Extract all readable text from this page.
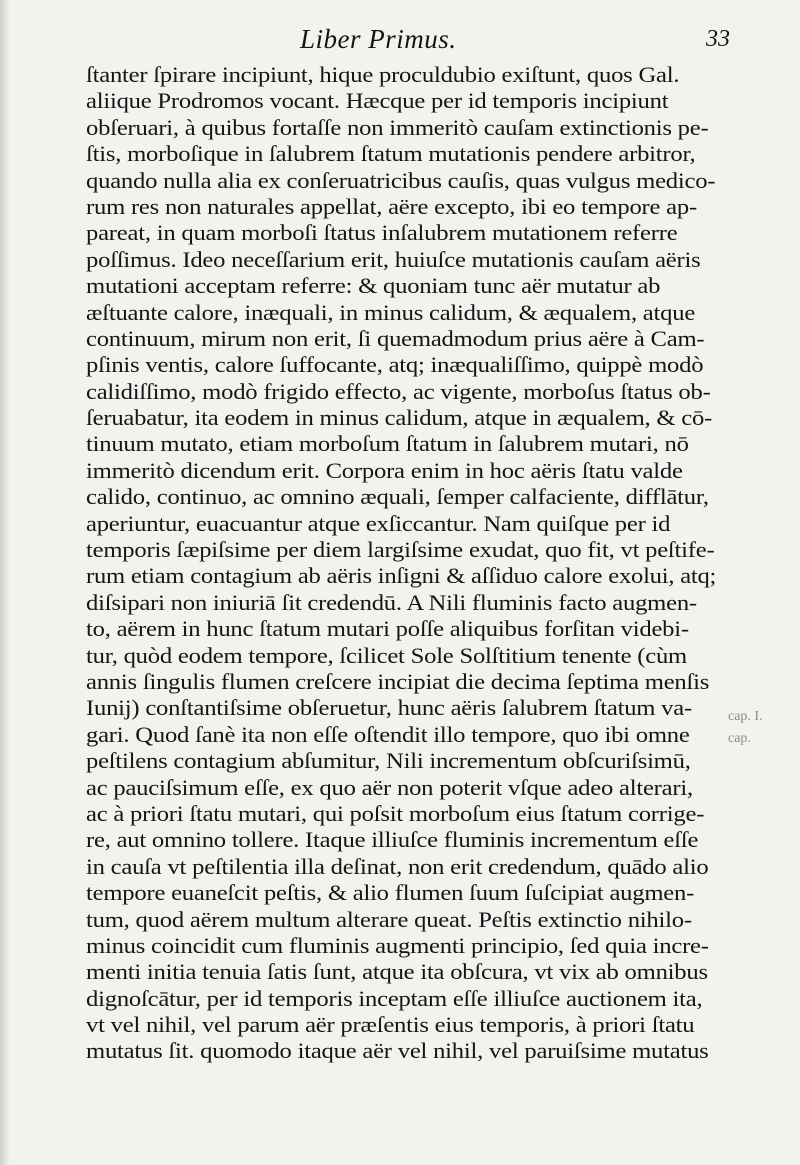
Liber Primus.	33
ſtanter ſpirare incipiunt, hique proculdubio exiſtunt, quos Gal.
aliique Prodromos vocant. Hæcque per id temporis incipiunt
obſeruari, à quibus fortaſſe non immeritò cauſam extinctionis pe-
ſtis, morboſique in ſalubrem ſtatum mutationis pendere arbitror,
quando nulla alia ex conſeruatricibus cauſis, quas vulgus medico-
rum res non naturales appellat, aëre excepto, ibi eo tempore ap-
pareat, in quam morboſi ſtatus inſalubrem mutationem referre
poſſimus. Ideo neceſſarium erit, huiuſce mutationis cauſam aëris
mutationi acceptam referre: & quoniam tunc aër mutatur ab
æſtuante calore, inæquali, in minus calidum, & æqualem, atque
continuum, mirum non erit, ſi quemadmodum prius aëre à Cam-
pſinis ventis, calore ſuffocante, atq; inæqualiſſimo, quippè modò
calidiſſimo, modò frigido effecto, ac vigente, morboſus ſtatus ob-
ſeruabatur, ita eodem in minus calidum, atque in æqualem, & cō-
tinuum mutato, etiam morboſum ſtatum in ſalubrem mutari, nō
immeritò dicendum erit. Corpora enim in hoc aëris ſtatu valde
calido, continuo, ac omnino æquali, ſemper calfaciente, difflātur,
aperiuntur, euacuantur atque exſiccantur. Nam quiſque per id
temporis ſæpiſsime per diem largiſsime exudat, quo fit, vt peſtife-
rum etiam contagium ab aëris inſigni & aſſiduo calore exolui, atq;
diſsipari non iniuriā ſit credendū. A Nili fluminis facto augmen-
to, aërem in hunc ſtatum mutari poſſe aliquibus forſitan videbi-
tur, quòd eodem tempore, ſcilicet Sole Solſtitium tenente (cùm
annis ſingulis flumen creſcere incipiat die decima ſeptima menſis
Iunij) conſtantiſsime obſeruetur, hunc aëris ſalubrem ſtatum va-
gari. Quod ſanè ita non eſſe oſtendit illo tempore, quo ibi omne
peſtilens contagium abſumitur, Nili incrementum obſcuriſsimū,
ac pauciſsimum eſſe, ex quo aër non poterit vſque adeo alterari,
ac à priori ſtatu mutari, qui poſsit morboſum eius ſtatum corrige-
re, aut omnino tollere. Itaque illiuſce fluminis incrementum eſſe
in cauſa vt peſtilentia illa deſinat, non erit credendum, quādo alio
tempore euaneſcit peſtis, & alio flumen ſuum ſuſcipiat augmen-
tum, quod aërem multum alterare queat. Peſtis extinctio nihilo-
minus coincidit cum fluminis augmenti principio, ſed quia incre-
menti initia tenuia ſatis ſunt, atque ita obſcura, vt vix ab omnibus
dignoſcātur, per id temporis inceptam eſſe illiuſce auctionem ita,
vt vel nihil, vel parum aër præſentis eius temporis, à priori ſtatu
mutatus ſit. quomodo itaque aër vel nihil, vel paruiſsime mutatus
cap. I.
cap.
